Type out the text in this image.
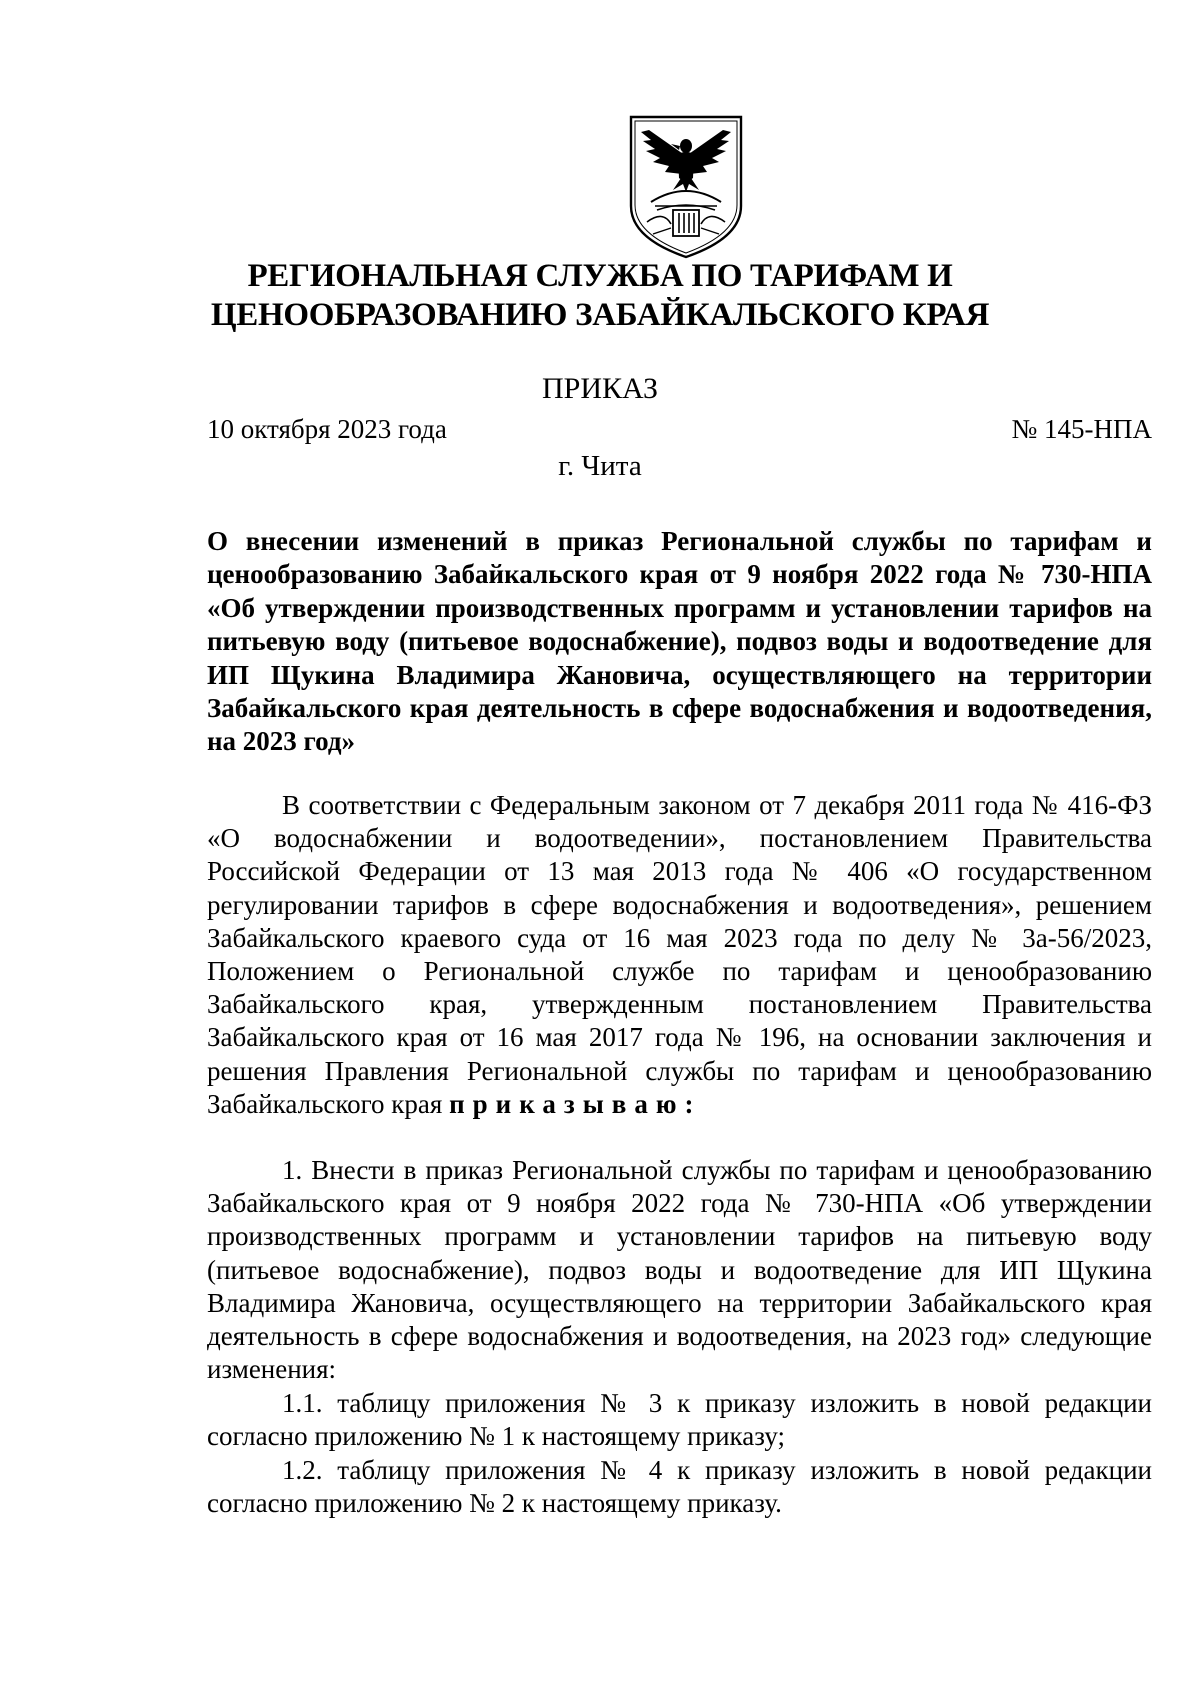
РЕГИОНАЛЬНАЯ СЛУЖБА ПО ТАРИФАМ И
ЦЕНООБРАЗОВАНИЮ ЗАБАЙКАЛЬСКОГО КРАЯ
ПРИКАЗ
10 октября 2023 года	№ 145-НПА
г. Чита

О внесении изменений в приказ Региональной службы по тарифам и ценообразованию Забайкальского края от 9 ноября 2022 года № 730-НПА «Об утверждении производственных программ и установлении тарифов на питьевую воду (питьевое водоснабжение), подвоз воды и водоотведение для ИП Щукина Владимира Жановича, осуществляющего на территории Забайкальского края деятельность в сфере водоснабжения и водоотведения, на 2023 год»

В соответствии с Федеральным законом от 7 декабря 2011 года № 416-ФЗ «О водоснабжении и водоотведении», постановлением Правительства Российской Федерации от 13 мая 2013 года № 406 «О государственном регулировании тарифов в сфере водоснабжения и водоотведения», решением Забайкальского краевого суда от 16 мая 2023 года по делу № 3а-56/2023, Положением о Региональной службе по тарифам и ценообразованию Забайкальского края, утвержденным постановлением Правительства Забайкальского края от 16 мая 2017 года № 196, на основании заключения и решения Правления Региональной службы по тарифам и ценообразованию Забайкальского края приказываю:

1. Внести в приказ Региональной службы по тарифам и ценообразованию Забайкальского края от 9 ноября 2022 года № 730-НПА «Об утверждении производственных программ и установлении тарифов на питьевую воду (питьевое водоснабжение), подвоз воды и водоотведение для ИП Щукина Владимира Жановича, осуществляющего на территории Забайкальского края деятельность в сфере водоснабжения и водоотведения, на 2023 год» следующие изменения:

1.1. таблицу приложения № 3 к приказу изложить в новой редакции согласно приложению № 1 к настоящему приказу;

1.2. таблицу приложения № 4 к приказу изложить в новой редакции согласно приложению № 2 к настоящему приказу.
